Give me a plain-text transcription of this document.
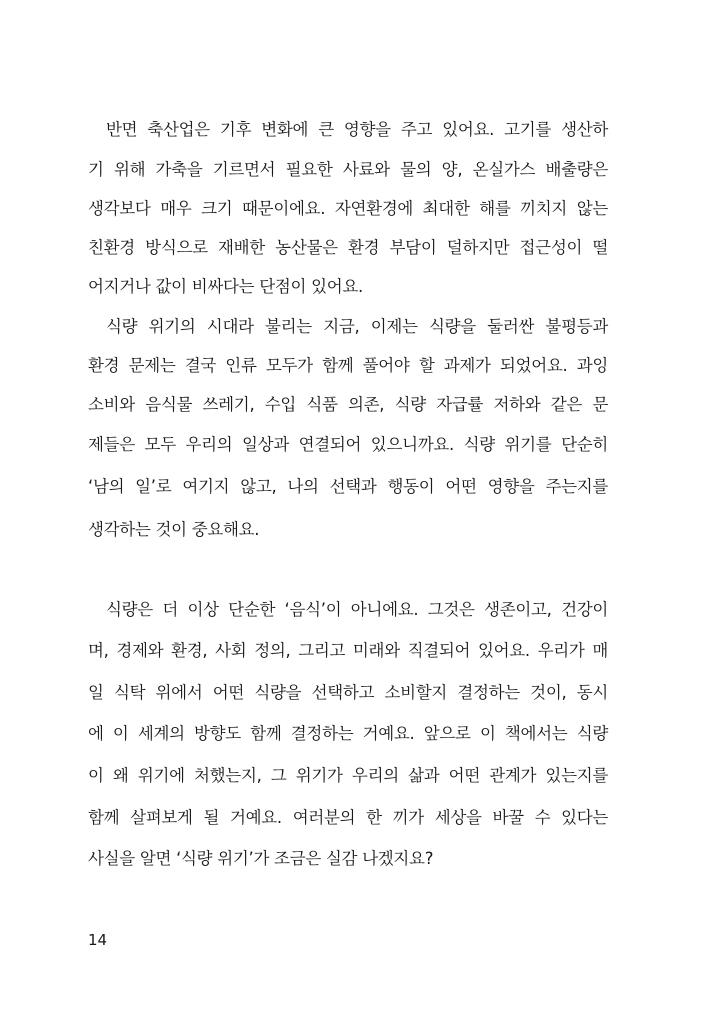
반면 축산업은 기후 변화에 큰 영향을 주고 있어요. 고기를 생산하
기 위해 가축을 기르면서 필요한 사료와 물의 양, 온실가스 배출량은
생각보다 매우 크기 때문이에요. 자연환경에 최대한 해를 끼치지 않는
친환경 방식으로 재배한 농산물은 환경 부담이 덜하지만 접근성이 떨
어지거나 값이 비싸다는 단점이 있어요.
식량 위기의 시대라 불리는 지금, 이제는 식량을 둘러싼 불평등과
환경 문제는 결국 인류 모두가 함께 풀어야 할 과제가 되었어요. 과잉
소비와 음식물 쓰레기, 수입 식품 의존, 식량 자급률 저하와 같은 문
제들은 모두 우리의 일상과 연결되어 있으니까요. 식량 위기를 단순히
‘남의 일’로 여기지 않고, 나의 선택과 행동이 어떤 영향을 주는지를
생각하는 것이 중요해요.
식량은 더 이상 단순한 ‘음식’이 아니에요. 그것은 생존이고, 건강이
며, 경제와 환경, 사회 정의, 그리고 미래와 직결되어 있어요. 우리가 매
일 식탁 위에서 어떤 식량을 선택하고 소비할지 결정하는 것이, 동시
에 이 세계의 방향도 함께 결정하는 거예요. 앞으로 이 책에서는 식량
이 왜 위기에 처했는지, 그 위기가 우리의 삶과 어떤 관계가 있는지를
함께 살펴보게 될 거예요. 여러분의 한 끼가 세상을 바꿀 수 있다는
사실을 알면 ‘식량 위기’가 조금은 실감 나겠지요?
14
